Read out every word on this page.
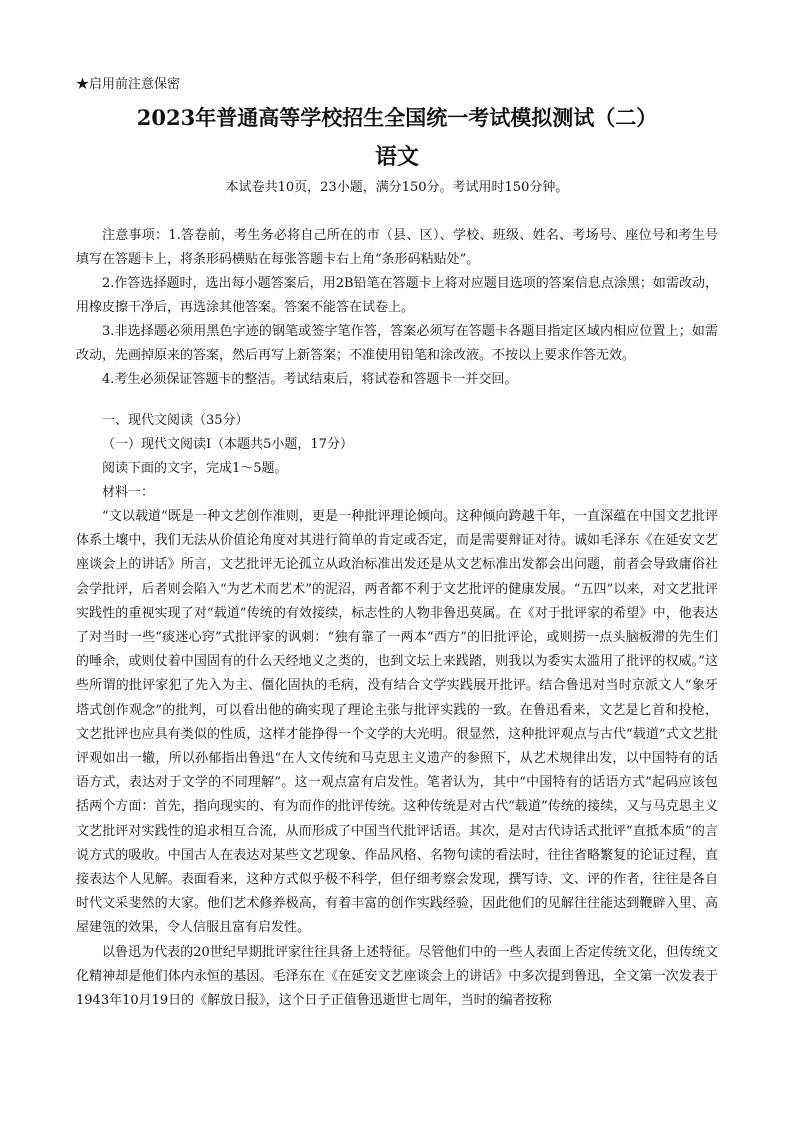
★启用前注意保密
2023年普通高等学校招生全国统一考试模拟测试（二）
语文
本试卷共10页，23小题，满分150分。考试用时150分钟。

注意事项：1.答卷前，考生务必将自己所在的市（县、区）、学校、班级、姓名、考场号、座位号和考生号填写在答题卡上，将条形码横贴在每张答题卡右上角“条形码粘贴处”。

2.作答选择题时，选出每小题答案后，用2B铅笔在答题卡上将对应题目选项的答案信息点涂黑；如需改动，用橡皮擦干净后，再选涂其他答案。答案不能答在试卷上。

3.非选择题必须用黑色字迹的钢笔或签字笔作答，答案必须写在答题卡各题目指定区域内相应位置上；如需改动，先画掉原来的答案，然后再写上新答案；不准使用铅笔和涂改液。不按以上要求作答无效。

4.考生必须保证答题卡的整洁。考试结束后，将试卷和答题卡一并交回。

一、现代文阅读（35分）

（一）现代文阅读Ⅰ（本题共5小题，17分）

阅读下面的文字，完成1～5题。

材料一：

“文以载道”既是一种文艺创作准则，更是一种批评理论倾向。这种倾向跨越千年，一直深蕴在中国文艺批评体系土壤中，我们无法从价值论角度对其进行简单的肯定或否定，而是需要辩证对待。诚如毛泽东《在延安文艺座谈会上的讲话》所言，文艺批评无论孤立从政治标准出发还是从文艺标准出发都会出问题，前者会导致庸俗社会学批评，后者则会陷入“为艺术而艺术”的泥沼，两者都不利于文艺批评的健康发展。“五四”以来，对文艺批评实践性的重视实现了对“载道”传统的有效接续，标志性的人物非鲁迅莫属。在《对于批评家的希望》中，他表达了对当时一些“痰迷心窍”式批评家的讽刺：“独有靠了一两本“西方”的旧批评论，或则捞一点头脑板滞的先生们的唾余，或则仗着中国固有的什么天经地义之类的，也到文坛上来践踏，则我以为委实太滥用了批评的权威。”这些所谓的批评家犯了先入为主、僵化固执的毛病，没有结合文学实践展开批评。结合鲁迅对当时京派文人“象牙塔式创作观念”的批判，可以看出他的确实现了理论主张与批评实践的一致。在鲁迅看来，文艺是匕首和投枪，文艺批评也应具有类似的性质，这样才能挣得一个文学的大光明。很显然，这种批评观点与古代“载道”式文艺批评观如出一辙，所以孙郁指出鲁迅“在人文传统和马克思主义遗产的参照下，从艺术规律出发，以中国特有的话语方式，表达对于文学的不同理解”。这一观点富有启发性。笔者认为，其中“中国特有的话语方式”起码应该包括两个方面：首先，指向现实的、有为而作的批评传统。这种传统是对古代“载道”传统的接续，又与马克思主义文艺批评对实践性的追求相互合流，从而形成了中国当代批评话语。其次，是对古代诗话式批评“直抵本质”的言说方式的吸收。中国古人在表达对某些文艺现象、作品风格、名物句读的看法时，往往省略繁复的论证过程，直接表达个人见解。表面看来，这种方式似乎极不科学，但仔细考察会发现，撰写诗、文、评的作者，往往是各自时代文采斐然的大家。他们艺术修养极高，有着丰富的创作实践经验，因此他们的见解往往能达到鞭辟入里、高屋建瓴的效果，令人信服且富有启发性。

以鲁迅为代表的20世纪早期批评家往往具备上述特征。尽管他们中的一些人表面上否定传统文化，但传统文化精神却是他们体内永恒的基因。毛泽东在《在延安文艺座谈会上的讲话》中多次提到鲁迅，全文第一次发表于1943年10月19日的《解放日报》，这个日子正值鲁迅逝世七周年，当时的编者按称
